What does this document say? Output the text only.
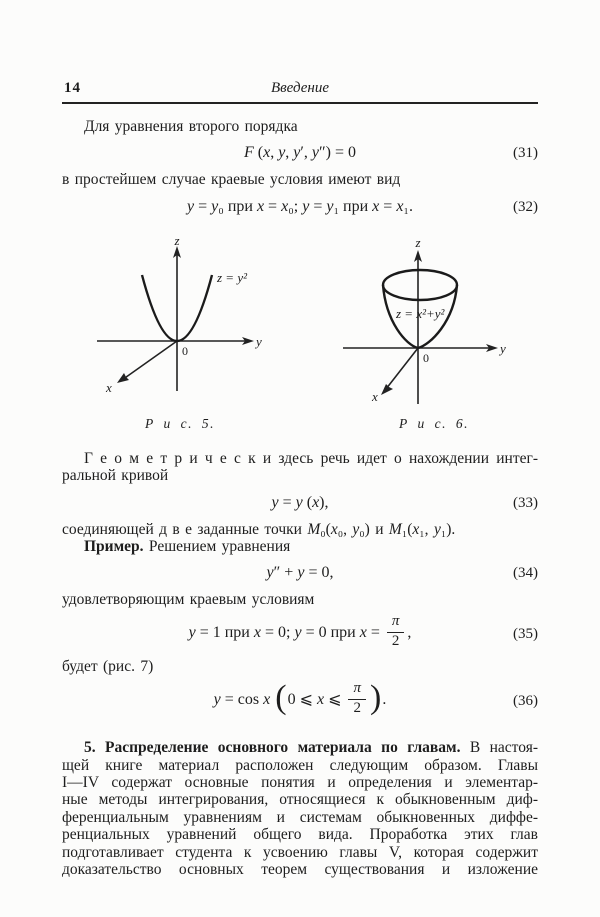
14	Введение

Для уравнения второго порядка

F (x, y, y′, y″) = 0	(31)

в простейшем случае краевые условия имеют вид

y = y₀ при x = x₀; y = y₁ при x = x₁.	(32)
z
y
x
0
z = y²
Р и с. 5.
z
y
x
0
z = x²+y²
Р и с. 6.

Г е о м е т р и ч е с к и здесь речь идет о нахождении интег-

ральной кривой

y = y (x),	(33)

соединяющей д в е заданные точки M₀(x₀, y₀) и M₁(x₁, y₁).

Пример. Решением уравнения

y″ + y = 0,	(34)

удовлетворяющим краевым условиям

y = 1 при x = 0; y = 0 при $x = \frac{\pi}{2}$ ,	(35)

будет (рис. 7)

y = cos x (0 ⩽ x ⩽ $\frac{\pi}{2}$ ).	(36)

5. Распределение основного материала по главам. В настоя-

щей книге материал расположен следующим образом. Главы

I—IV содержат основные понятия и определения и элементар-

ные методы интегрирования, относящиеся к обыкновенным диф-

ференциальным уравнениям и системам обыкновенных диффе-

ренциальных уравнений общего вида. Проработка этих глав

подготавливает студента к усвоению главы V, которая содержит

доказательство основных теорем существования и изложение
